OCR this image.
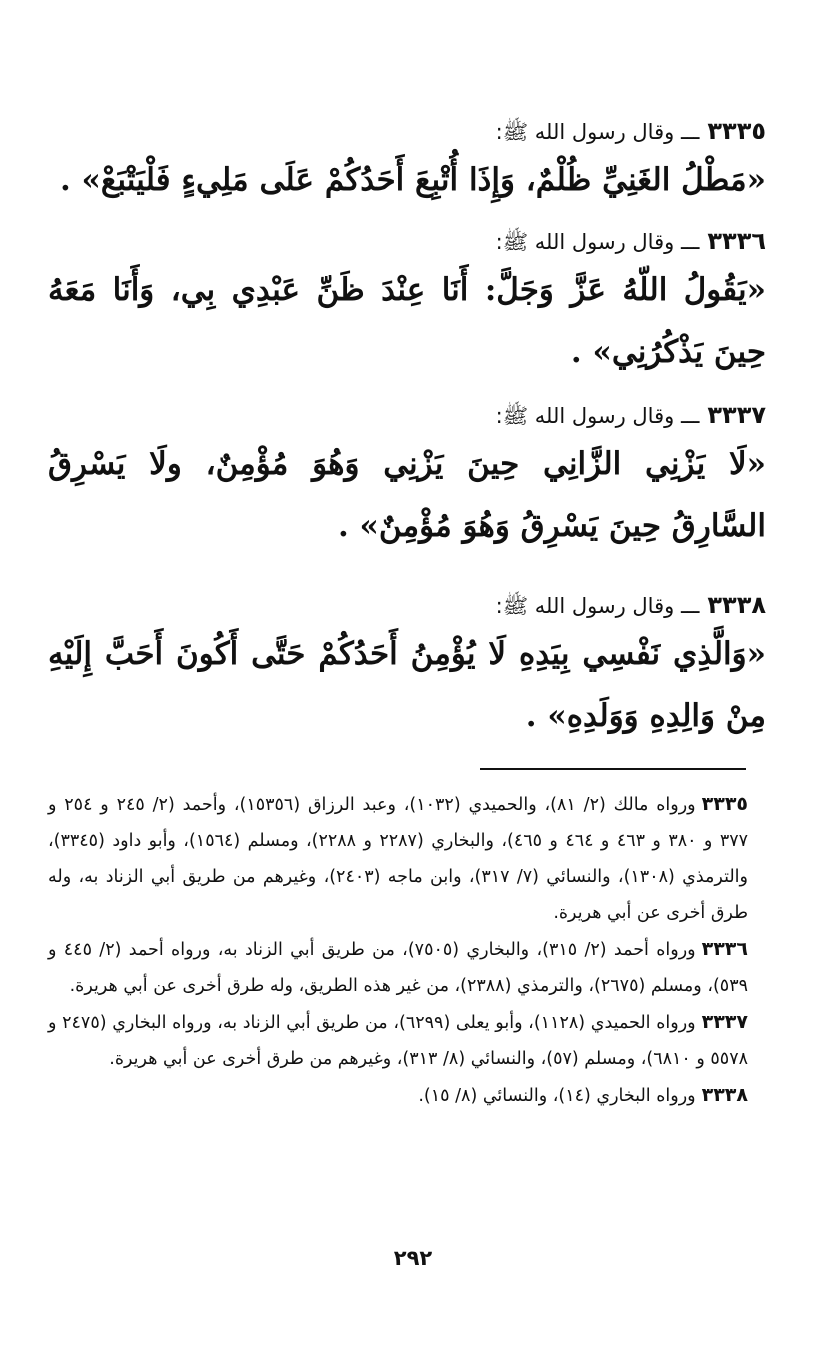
٣٣٣٥ـــ وقال رسول الله ﷺ:
«مَطْلُ الغَنِيِّ ظُلْمٌ، وَإِذَا أُتْبِعَ أَحَدُكُمْ عَلَى مَلِيءٍ فَلْيَتْبَعْ» .
٣٣٣٦ـــ وقال رسول الله ﷺ:
«يَقُولُ اللّهُ عَزَّ وَجَلَّ: أَنَا عِنْدَ ظَنِّ عَبْدِي بِي، وَأَنَا مَعَهُ حِينَ يَذْكُرُنِي» .
٣٣٣٧ـــ وقال رسول الله ﷺ:
«لَا يَزْنِي الزَّانِي حِينَ يَزْنِي وَهُوَ مُؤْمِنٌ، ولَا يَسْرِقُ السَّارِقُ حِينَ يَسْرِقُ وَهُوَ مُؤْمِنٌ» .
٣٣٣٨ـــ وقال رسول الله ﷺ:
«وَالَّذِي نَفْسِي بِيَدِهِ لَا يُؤْمِنُ أَحَدُكُمْ حَتَّى أَكُونَ أَحَبَّ إِلَيْهِ مِنْ وَالِدِهِ وَوَلَدِهِ» .
٣٣٣٥ورواه مالك (٢/ ٨١)، والحميدي (١٠٣٢)، وعبد الرزاق (١٥٣٥٦)، وأحمد (٢/ ٢٤٥ و ٢٥٤ و ٣٧٧ و ٣٨٠ و ٤٦٣ و ٤٦٤ و ٤٦٥)، والبخاري (٢٢٨٧ و ٢٢٨٨)، ومسلم (١٥٦٤)، وأبو داود (٣٣٤٥)، والترمذي (١٣٠٨)، والنسائي (٧/ ٣١٧)، وابن ماجه (٢٤٠٣)، وغيرهم من طريق أبي الزناد به، وله طرق أخرى عن أبي هريرة.
٣٣٣٦ورواه أحمد (٢/ ٣١٥)، والبخاري (٧٥٠٥)، من طريق أبي الزناد به، ورواه أحمد (٢/ ٤٤٥ و ٥٣٩)، ومسلم (٢٦٧٥)، والترمذي (٢٣٨٨)، من غير هذه الطريق، وله طرق أخرى عن أبي هريرة.
٣٣٣٧ورواه الحميدي (١١٢٨)، وأبو يعلى (٦٢٩٩)، من طريق أبي الزناد به، ورواه البخاري (٢٤٧٥ و ٥٥٧٨ و ٦٨١٠)، ومسلم (٥٧)، والنسائي (٨/ ٣١٣)، وغيرهم من طرق أخرى عن أبي هريرة.
٣٣٣٨ورواه البخاري (١٤)، والنسائي (٨/ ١٥).
٢٩٢
